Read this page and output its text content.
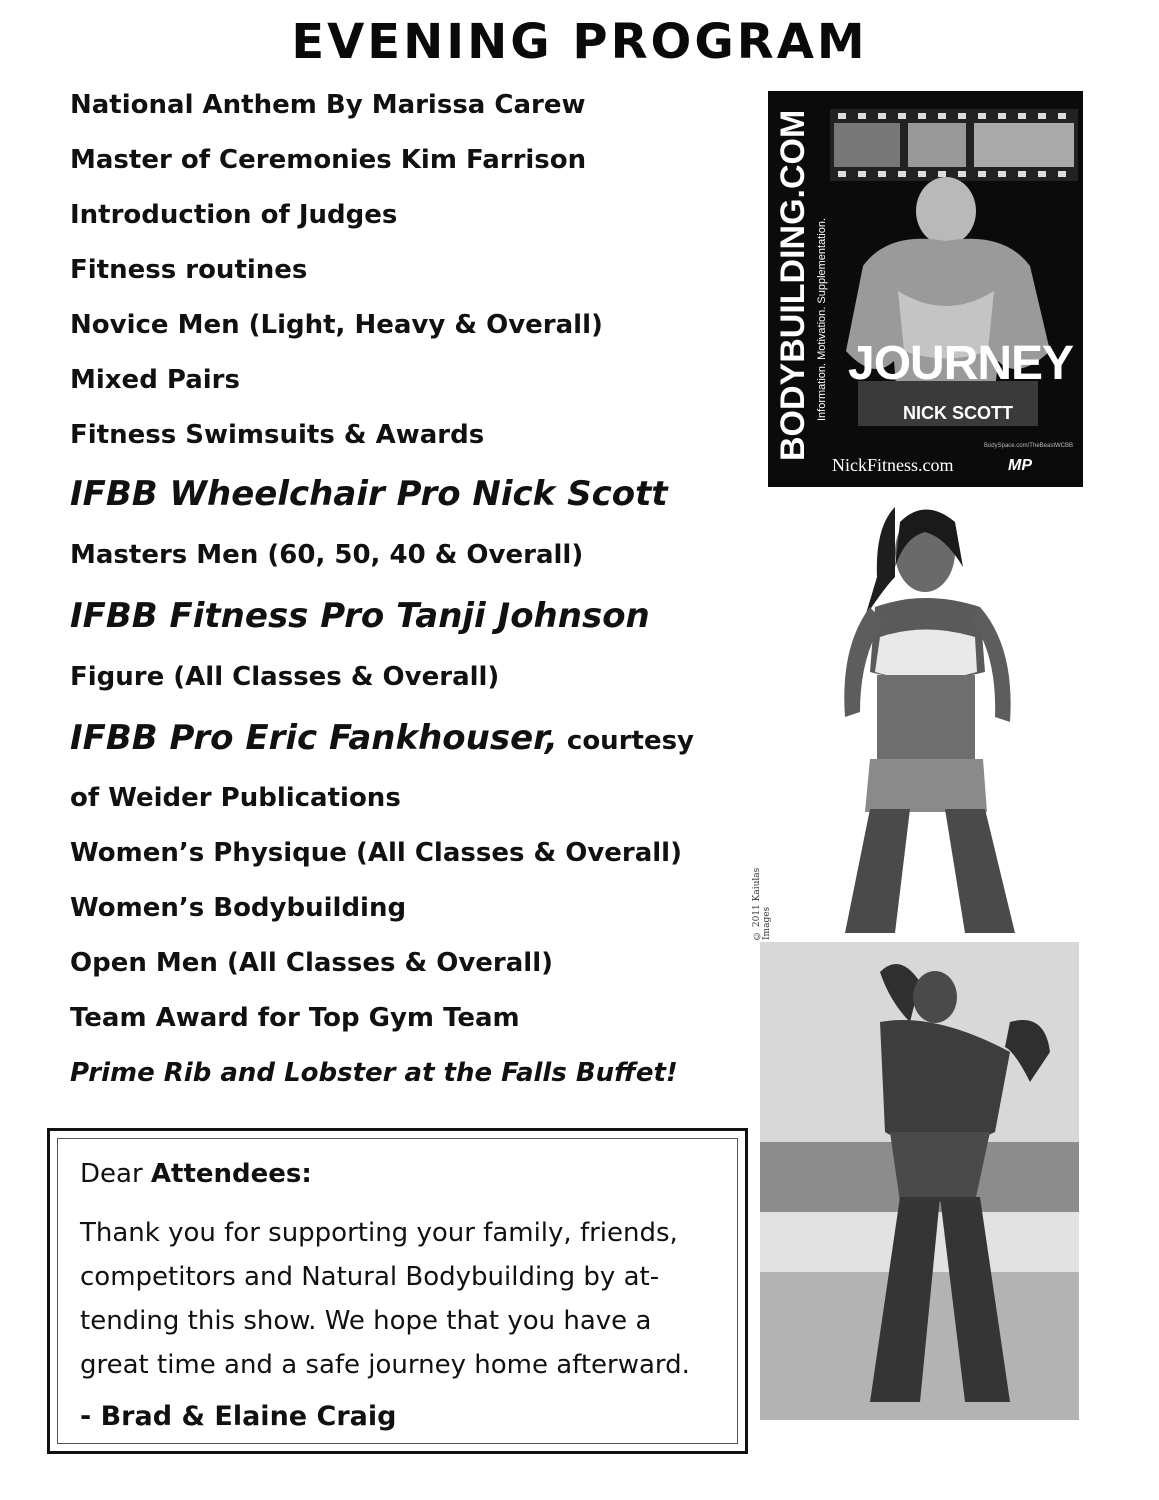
EVENING PROGRAM
National Anthem By Marissa Carew
Master of Ceremonies Kim Farrison
Introduction of Judges
Fitness routines
Novice Men (Light, Heavy & Overall)
Mixed Pairs
Fitness Swimsuits & Awards
IFBB Wheelchair Pro Nick Scott
Masters Men (60, 50, 40 & Overall)
IFBB Fitness Pro Tanji Johnson
Figure (All Classes & Overall)
IFBB Pro Eric Fankhouser, courtesy
of Weider Publications
Women’s Physique (All Classes & Overall)
Women’s Bodybuilding
Open Men (All Classes & Overall)
Team Award for Top Gym Team
Prime Rib and Lobster at the Falls Buffet!
BODYBUILDING.COM Information. Motivation. Supplementation. JOURNEY
NICK SCOTT
BodySpace.com/TheBeastWCBB
NickFitness.com	MP
© 2011 Kaiulas Images
Dear Attendees:
Thank you for supporting your family, friends, competitors and Natural Bodybuilding by at-tending this show. We hope that you have a great time and a safe journey home afterward.
- Brad & Elaine Craig
